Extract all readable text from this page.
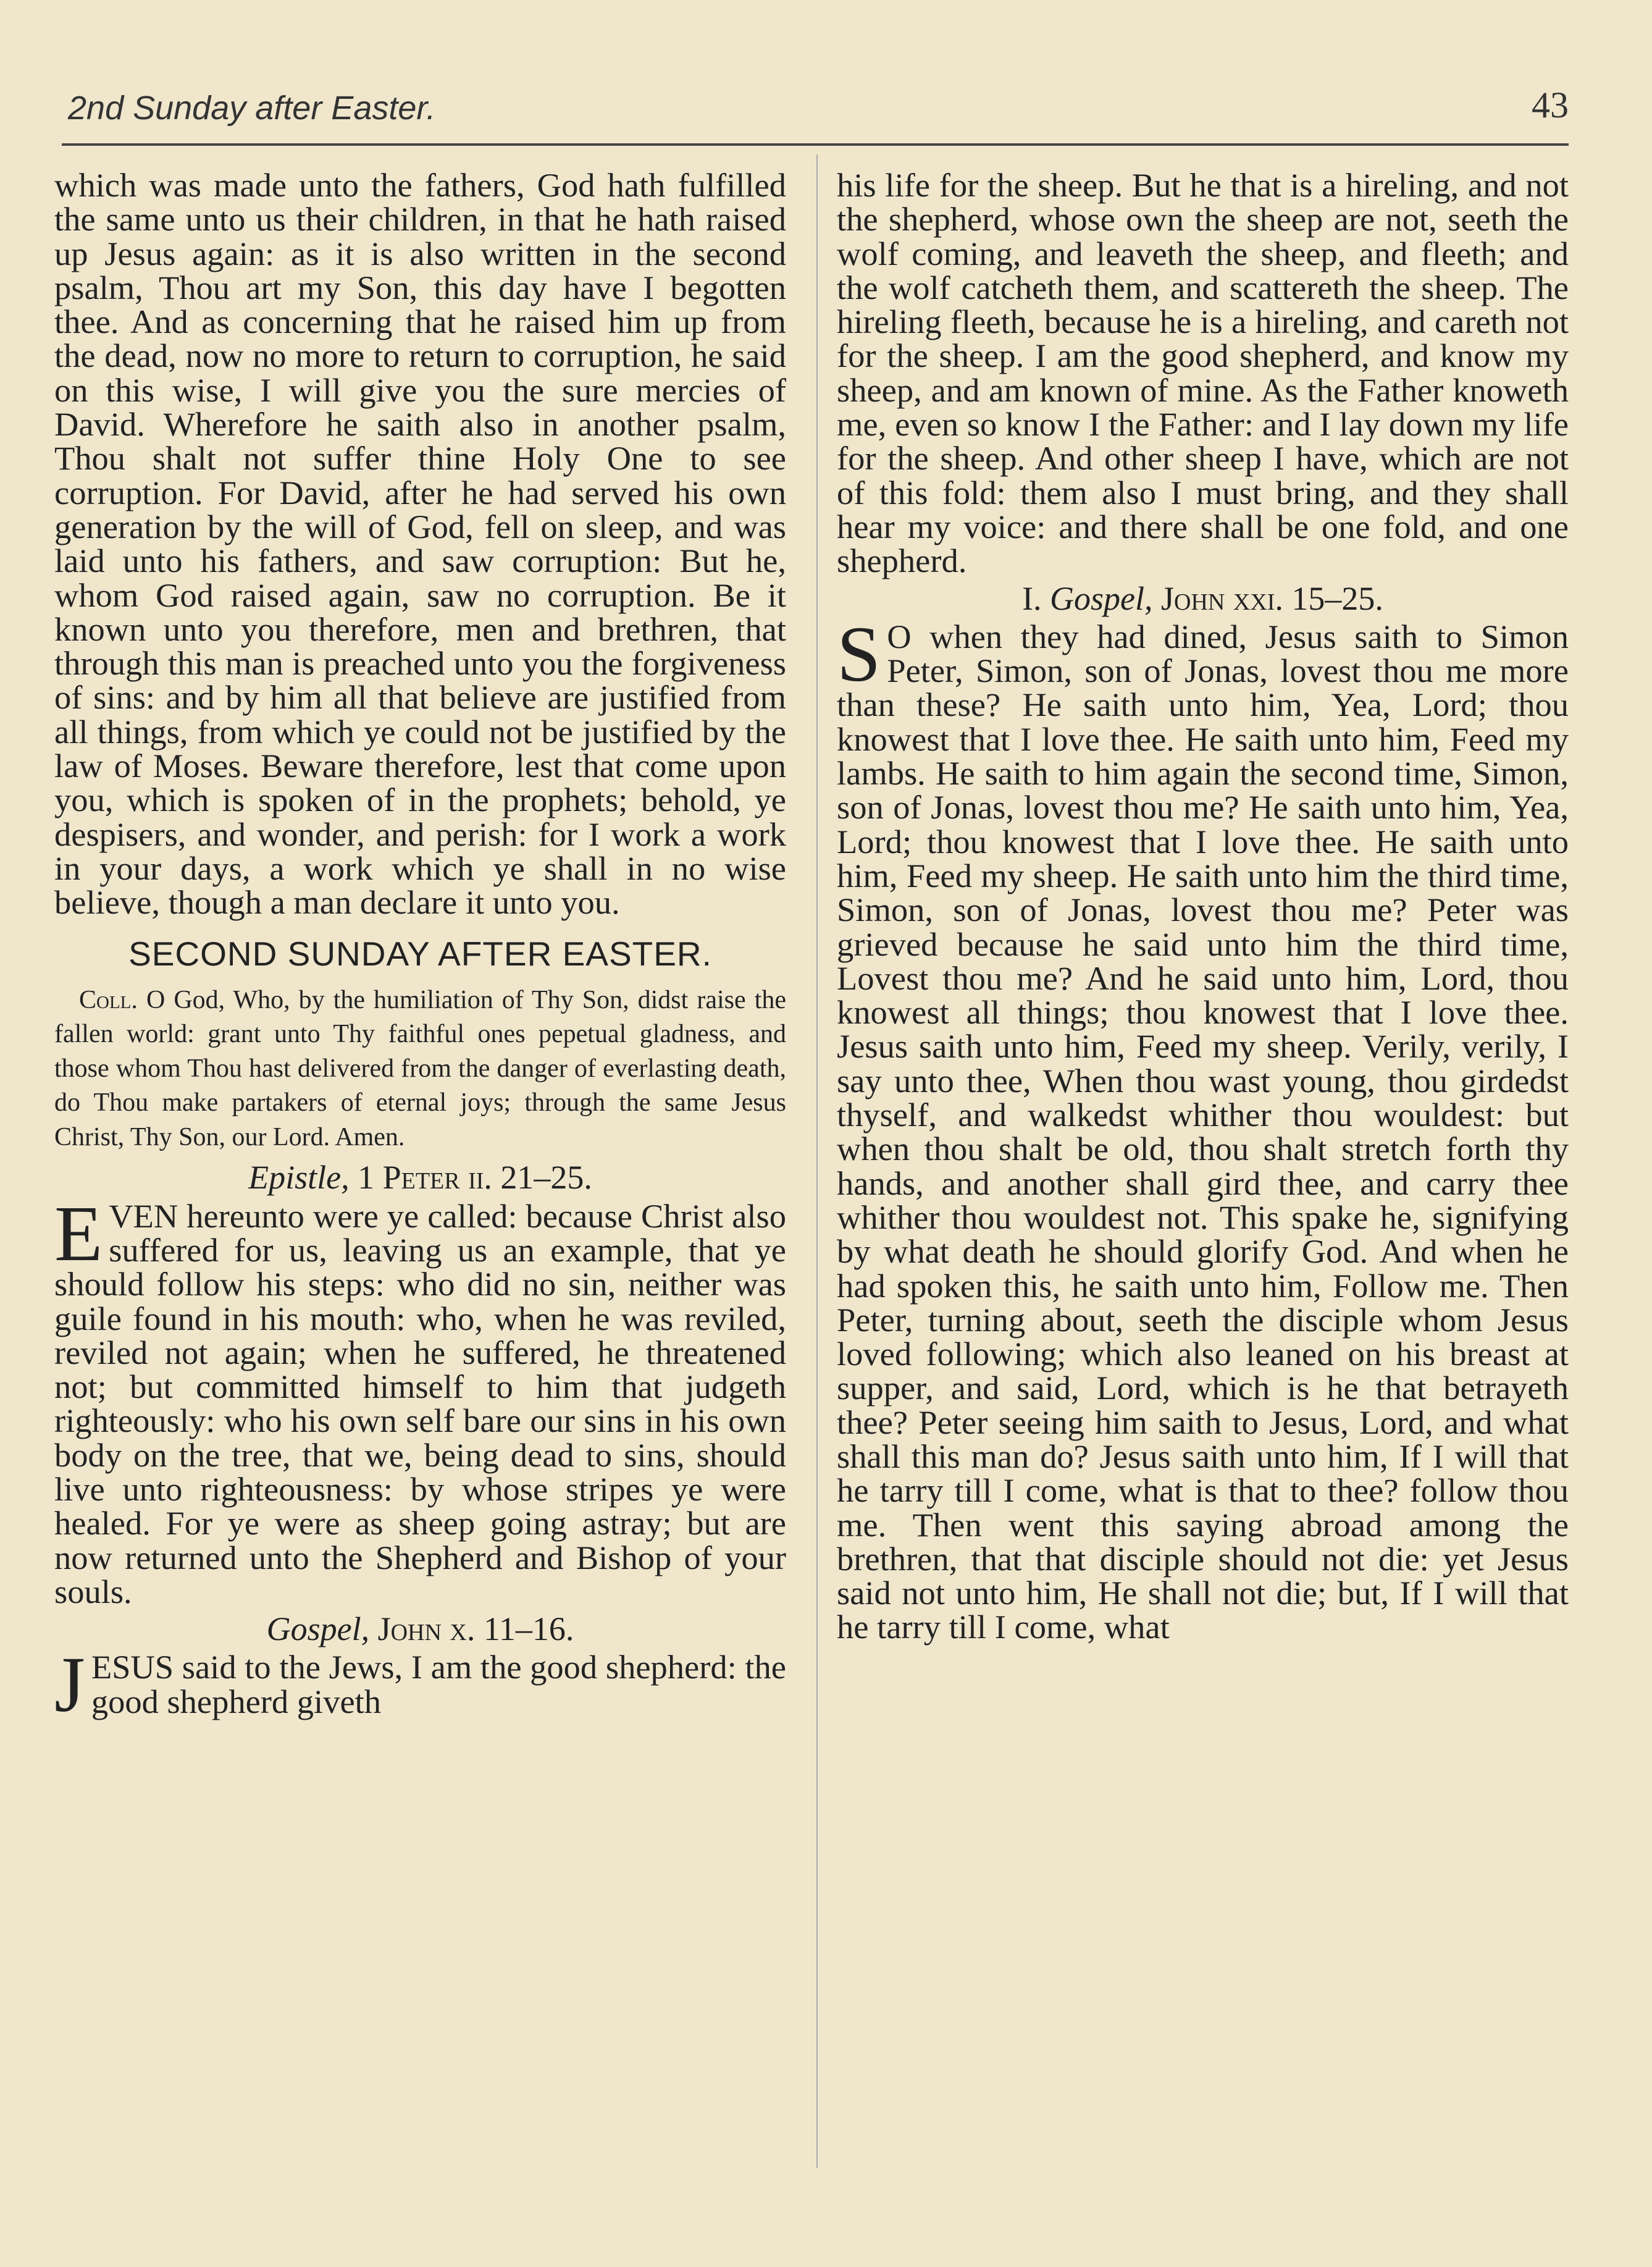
2nd Sunday after Easter.	43

which was made unto the fathers, God hath fulfilled the same unto us their children, in that he hath raised up Jesus again: as it is also written in the second psalm, Thou art my Son, this day have I begotten thee. And as concerning that he raised him up from the dead, now no more to return to corruption, he said on this wise, I will give you the sure mercies of David. Wherefore he saith also in another psalm, Thou shalt not suffer thine Holy One to see corruption. For David, after he had served his own generation by the will of God, fell on sleep, and was laid unto his fathers, and saw corruption: But he, whom God raised again, saw no corruption. Be it known unto you therefore, men and brethren, that through this man is preached unto you the forgiveness of sins: and by him all that believe are justified from all things, from which ye could not be justified by the law of Moses. Beware therefore, lest that come upon you, which is spoken of in the prophets; behold, ye despisers, and wonder, and perish: for I work a work in your days, a work which ye shall in no wise believe, though a man declare it unto you.

SECOND SUNDAY AFTER EASTER.
Coll. O God, Who, by the humiliation of Thy Son, didst raise the fallen world: grant unto Thy faithful ones pepetual gladness, and those whom Thou hast delivered from the danger of everlasting death, do Thou make partakers of eternal joys; through the same Jesus Christ, Thy Son, our Lord. Amen.
Epistle, 1 Peter ii. 21–25.

EVEN hereunto were ye called: because Christ also suffered for us, leaving us an example, that ye should follow his steps: who did no sin, neither was guile found in his mouth: who, when he was reviled, reviled not again; when he suffered, he threatened not; but committed himself to him that judgeth righteously: who his own self bare our sins in his own body on the tree, that we, being dead to sins, should live unto righteousness: by whose stripes ye were healed. For ye were as sheep going astray; but are now returned unto the Shepherd and Bishop of your souls.

Gospel, John x. 11–16.

JESUS said to the Jews, I am the good shepherd: the good shepherd giveth

his life for the sheep. But he that is a hireling, and not the shepherd, whose own the sheep are not, seeth the wolf coming, and leaveth the sheep, and fleeth; and the wolf catcheth them, and scattereth the sheep. The hireling fleeth, because he is a hireling, and careth not for the sheep. I am the good shepherd, and know my sheep, and am known of mine. As the Father knoweth me, even so know I the Father: and I lay down my life for the sheep. And other sheep I have, which are not of this fold: them also I must bring, and they shall hear my voice: and there shall be one fold, and one shepherd.

I. Gospel, John xxi. 15–25.

S O when they had dined, Jesus saith to Simon Peter, Simon, son of Jonas, lovest thou me more than these? He saith unto him, Yea, Lord; thou knowest that I love thee. He saith unto him, Feed my lambs. He saith to him again the second time, Simon, son of Jonas, lovest thou me? He saith unto him, Yea, Lord; thou knowest that I love thee. He saith unto him, Feed my sheep. He saith unto him the third time, Simon, son of Jonas, lovest thou me? Peter was grieved because he said unto him the third time, Lovest thou me? And he said unto him, Lord, thou knowest all things; thou knowest that I love thee. Jesus saith unto him, Feed my sheep. Verily, verily, I say unto thee, When thou wast young, thou girdedst thyself, and walkedst whither thou wouldest: but when thou shalt be old, thou shalt stretch forth thy hands, and another shall gird thee, and carry thee whither thou wouldest not. This spake he, signifying by what death he should glorify God. And when he had spoken this, he saith unto him, Follow me. Then Peter, turning about, seeth the disciple whom Jesus loved following; which also leaned on his breast at supper, and said, Lord, which is he that betrayeth thee? Peter seeing him saith to Jesus, Lord, and what shall this man do? Jesus saith unto him, If I will that he tarry till I come, what is that to thee? follow thou me. Then went this saying abroad among the brethren, that that disciple should not die: yet Jesus said not unto him, He shall not die; but, If I will that he tarry till I come, what
